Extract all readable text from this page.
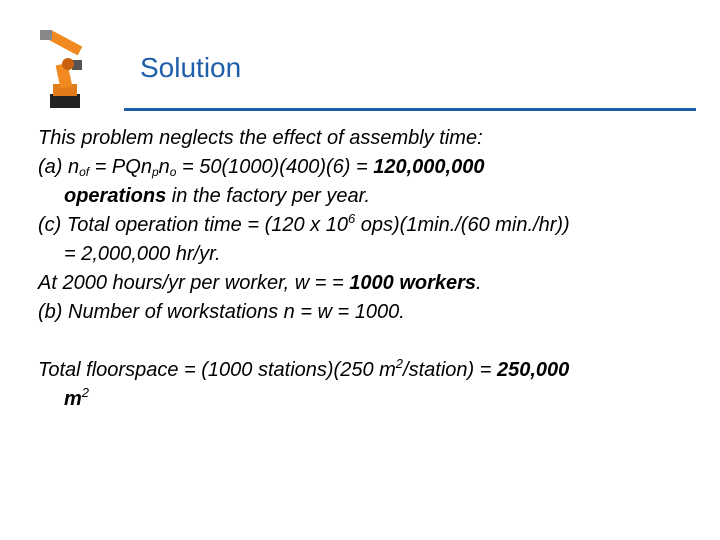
Solution
This problem neglects the effect of assembly time:
(a) $n_{of} = PQn_pn_o = 50(1000)(400)(6) = 120,000,000$
operations in the factory per year.
(c) Total operation time = (120 x $10^6$ ops)(1min./(60 min./hr))
= 2,000,000 hr/yr.
At 2000 hours/yr per worker, w = = 1000 workers.
(b) Number of workstations n = w = 1000.
Total floorspace = (1000 stations)(250 $m^2/station) = 250,000$
$m^2$
